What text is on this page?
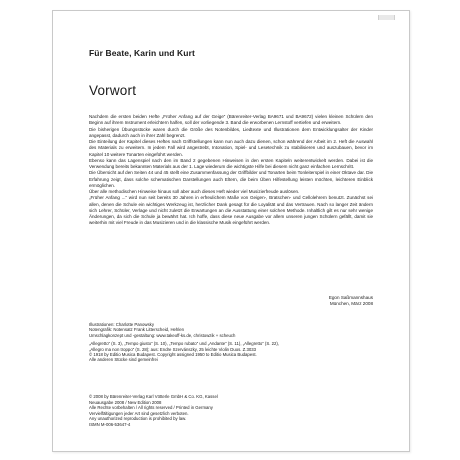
Für Beate, Karin und Kurt
Vorwort

Nachdem die ersten beiden Hefte „Früher Anfang auf der Geige“ (Bärenreiter-Verlag BA9671 und BA9672) vielen kleinen Schülern den Beginn auf ihrem Instrument erleichtern halfen, soll der vorliegende 3. Band die erworbenen Lernstoff vertiefen und erweitern.

Die bisherigen Übungsstücke waren durch die Größe des Notenbildes, Liedtexte und Illustrationen dem Entwicklungsalter der Kinder angepasst, dadurch auch in ihrer Zahl begrenzt.

Die Einteilung der Kapitel dieses Heftes nach Griffstellungen kann nun auch dazu dienen, schon während der Arbeit im 2. Heft die Auswahl des Materials zu erweitern. In jedem Fall wird angestrebt, Intonation, Spiel- und Lesetechnik zu stabilisieren und auszubauen, bevor im Kapitel 10 weitere Tonarten eingeführt werden.

Ebenso kann das Lagenspiel nach den im Band 2 gegebenen Hinweisen in den ersten Kapiteln weiterentwickelt werden. Dabei ist die Verwendung bereits bekannten Materials aus der 1. Lage wiederum die wichtigste Hilfe bei diesem nicht ganz einfachen Lernschritt.

Die Übersicht auf den Seiten 44 und 45 stellt eine Zusammenfassung der Griffbilder und Tonarten beim Tonleiterspiel in einer Oktave dar. Die Erfahrung zeigt, dass solche schematischen Darstellungen auch Eltern, die beim Üben Hilfestellung leisten möchten, leichteren Einblick ermöglichen.

Über alle methodischen Hinweise hinaus soll aber auch dieses Heft wieder viel Musizierfreude auslösen.

„Früher Anfang ...“ wird nun seit bereits 30 Jahren in erfreulichem Maße von Geigen-, Bratschen- und Cellolehrern benutzt. Zunächst sei allen, denen die Schule ein wichtiges Werkzeug ist, herzlicher Dank gesagt für die Loyalität und das Vertrauen. Nach so langer Zeit ändern sich Lehrer, Schüler, Verlage und nicht zuletzt die Erwartungen an die Ausstattung einer solchen Methode. Inhaltlich gilt es nur sehr wenige Änderungen, da sich die Schule ja bewährt hat. Ich hoffe, dass diese neue Ausgabe vor allem unseren jungen Schülern gefällt, damit sie weiterhin mit viel Freude in das Musizieren und in die klassische Musik eingeführt werden.

Egon Saßmannshaus
München, März 2008
Illustrationen: Charlotte Panowsky
Notengrafik: Notensatz Frank Litterscheid, Hehlen
Umschlagkonzept und -gestaltung: www.takeoff-ks.de, christowzik + scheuch
„Allegretto“ (S. 3), „Tempo giusto“ (S. 10), „Tempo rubato“ und „Andante“ (S. 11), „Allegretto“ (S. 22),
„Allegro ma non troppo“ (S. 28); aus: Endre Szervánszky, 25 leichte Violin Duos. Z.3033
© 1918 by Editio Musica Budapest. Copyright assigned 1950 to Editio Musica Budapest.
Alle anderen Stücke sind gemeinfrei
© 2008 by Bärenreiter-Verlag Karl Vötterle GmbH & Co. KG, Kassel
Neuausgabe 2008 / New Edition 2008
Alle Rechte vorbehalten / All rights reserved / Printed in Germany
Vervielfältigungen jeder Art sind gesetzlich verboten.
Any unauthorized reproduction is prohibited by law.
ISMN M-006-53647-4
